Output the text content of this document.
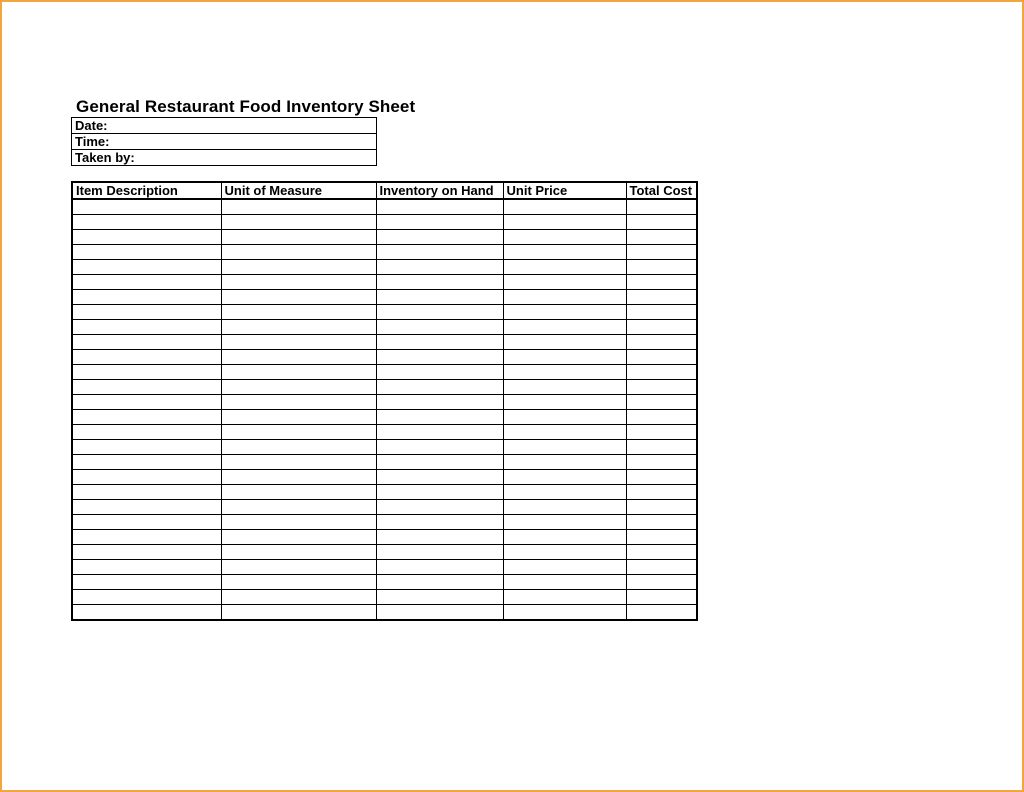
General Restaurant Food Inventory Sheet
Date:
Time:
Taken by:
Item Description	Unit of Measure	Inventory on Hand	Unit Price	Total Cost
